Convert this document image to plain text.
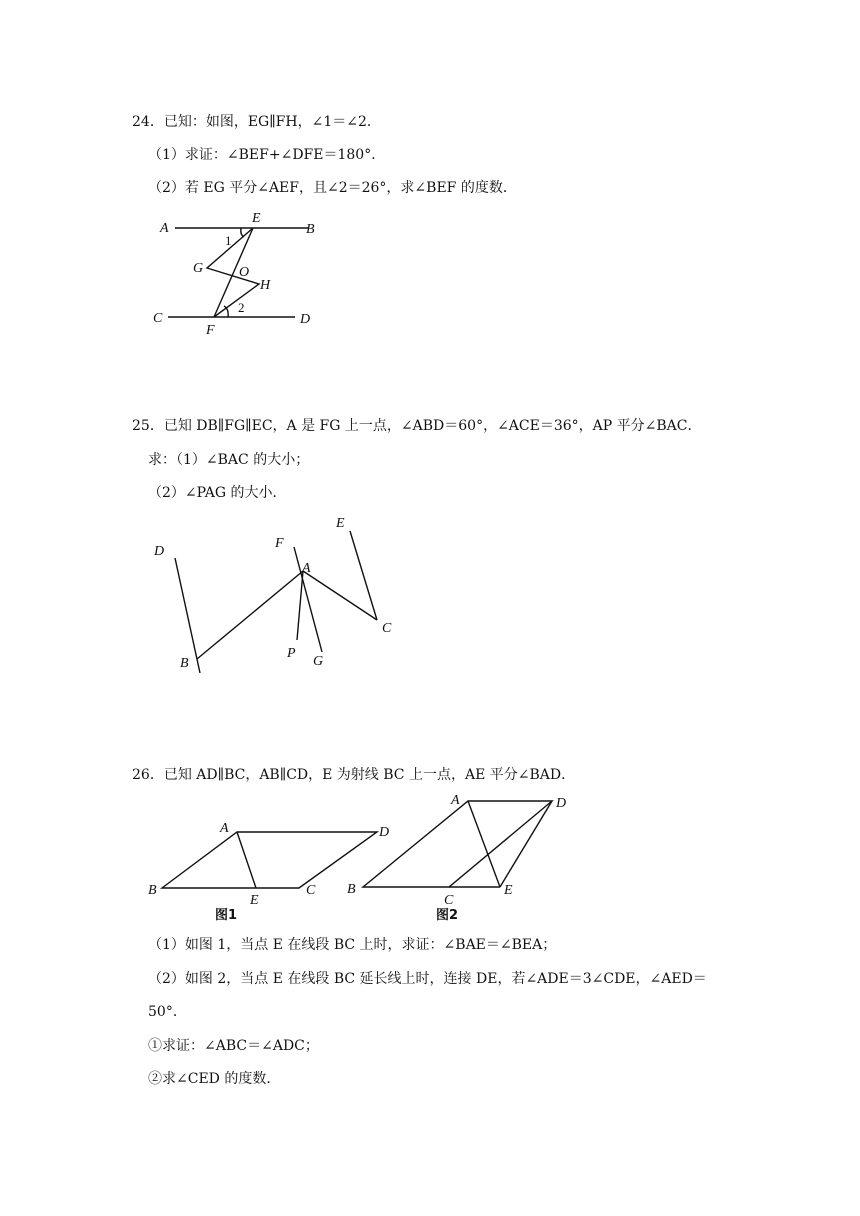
24．已知：如图，EG∥FH，∠1＝∠2．
（1）求证：∠BEF+∠DFE＝180°．
（2）若 EG 平分∠AEF，且∠2＝26°，求∠BEF 的度数．
A	B
E
1
G	O
H
2
C	D
F
25．已知 DB∥FG∥EC，A 是 FG 上一点，∠ABD＝60°，∠ACE＝36°，AP 平分∠BAC．
求：（1）∠BAC 的大小；
（2）∠PAG 的大小．
D
F
E
A
C
B
P
G
26．已知 AD∥BC，AB∥CD，E 为射线 BC 上一点，AE 平分∠BAD．
A	D
B
E
C
图1
A	D
B
C
E
图2
（1）如图 1，当点 E 在线段 BC 上时，求证：∠BAE＝∠BEA；
（2）如图 2，当点 E 在线段 BC 延长线上时，连接 DE，若∠ADE＝3∠CDE，∠AED＝
50°．
①求证：∠ABC＝∠ADC；
②求∠CED 的度数．
